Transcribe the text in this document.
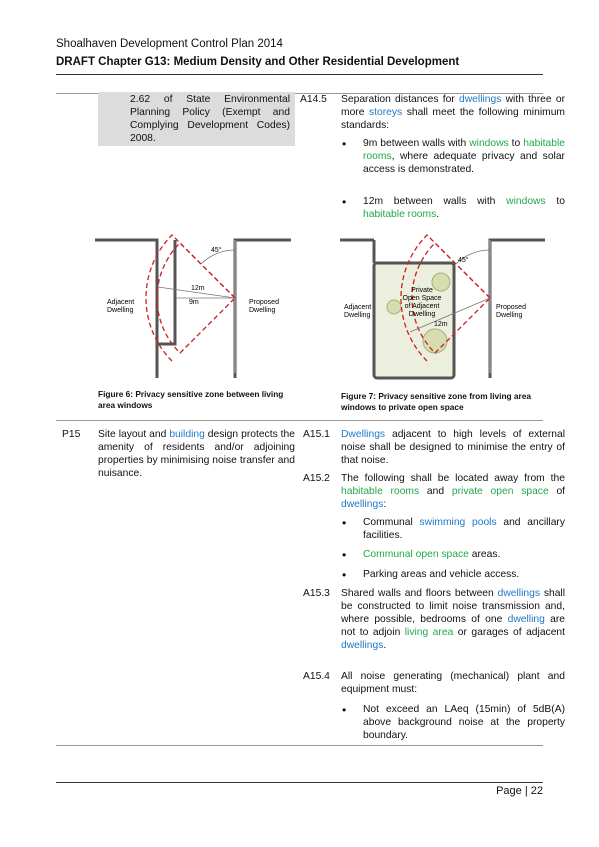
Shoalhaven Development Control Plan 2014
DRAFT Chapter G13: Medium Density and Other Residential Development
2.62 of State Environmental Planning Policy (Exempt and Complying Development Codes) 2008.
A14.5 Separation distances for dwellings with three or more storeys shall meet the following minimum standards:
• 9m between walls with windows to habitable rooms, where adequate privacy and solar access is demonstrated.
• 12m between walls with windows to habitable rooms.
45°
12m
9m
Adjacent Dwelling
Proposed Dwelling
Figure 6: Privacy sensitive zone between living area windows
45°
12m
Private Open Space of Adjacent Dwelling
Adjacent Dwelling
Proposed Dwelling
Figure 7: Privacy sensitive zone from living area windows to private open space
P15 Site layout and building design protects the amenity of residents and/or adjoining properties by minimising noise transfer and nuisance.
A15.1 Dwellings adjacent to high levels of external noise shall be designed to minimise the entry of that noise.
A15.2 The following shall be located away from the habitable rooms and private open space of dwellings:
• Communal swimming pools and ancillary facilities.
• Communal open space areas.
• Parking areas and vehicle access.
A15.3 Shared walls and floors between dwellings shall be constructed to limit noise transmission and, where possible, bedrooms of one dwelling are not to adjoin living area or garages of adjacent dwellings.
A15.4 All noise generating (mechanical) plant and equipment must:
• Not exceed an LAeq (15min) of 5dB(A) above background noise at the property boundary.
Page | 22
